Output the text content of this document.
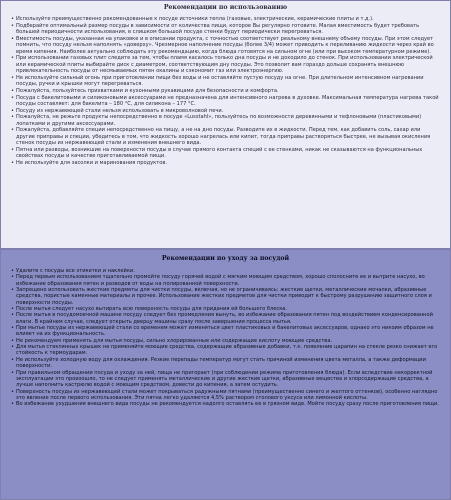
Рекомендации по использованию
• Используйте преимущественно рекомендованные к посуде источники тепла (газовые, электрические, керамические плиты и т.д.).
• Подберайте оптимальный размер посуды в зависимости от количества пищи, которое Вы регулярно готовите. Малая вместимость будет требовать большей периодичности использования, в слишком большой посуде стенки будут периодически перегреваться.
• Вместимость посуды, указанная на упаковке и в описании продукта, с точностью соответствует реальному внешнему объему посуды. При этом следует помнить, что посуду нельзя наполнять «доверху». Чрезмерное наполнение посуды (более 3/4) может приводить к переливанию жидкости через край во время кипения. Наиболее актуально соблюдать эту рекомендацию, когда блюда готовятся на сильном огне (или при высоком температурном режиме).
• При использовании газовых плит следите за тем, чтобы пламя касалось только дна посуды и не доходило до стенок. При использовании электрической или керамической плиты выбирайте диск с диаметром, соответствующим дну посуды. Это позволит вам гораздо дольше сохранять внешнюю привлекательность посуды от несмываемых пятен окалины и сэкономит газ или электроэнергию.
• Не используйте сильный огонь при приготовлении пищи без воды и не оставляйте пустую посуду на огне. При длительном интенсивном нагревании посуды, ручки и крышки могут перегреваться.
• Пожалуйста, пользуйтесь прихватками и кухонными рукавицами для безопасности и комфорта.
• Посуда с бакелитовыми и силиконовыми аксессуарами не предназначена для интенсивного нагрева в духовке. Максимальная температура нагрева такой посуды составляет: для бакелита – 180 °С, для силикона – 177 °С.
• Посуду из нержавеющей стали нельзя использовать в микроволновой печи.
• Пожалуйста, не режьте продукты непосредственно в посуде «Lusstahl», пользуйтесь по возможности деревянными и тефлоновыми (пластиковыми) лопатками и другими аксессуарами.
• Пожалуйста, добавляйте специи непосредственно на пищу, а не на дно посуды. Разводите их в жидкости. Перед тем, как добавить соль, сахар или другие приправы и специи, убедитесь в том, что жидкость хорошо нагрелась или кипит, тогда приправы растворяться быстрее, не вызывая окисления стенок посуды из нержавеющей стали и изменения внешнего вида.
• Пятна или разводы, возникшие на поверхности посуды в случае прямого контакта специй с ее стенками, никак не сказываются на функциональных свойствах посуды и качестве приготавливаемой пищи.
• Не используйте для засолки и маринования продуктов.
Рекомендации по уходу за посудой
• Удалите с посуды все этикетки и наклейки.
• Перед первым использованием тщательно промойте посуду горячей водой с мягким моющим средством, хорошо сполосните ее и вытрите насухо, во избежание образования пятен и разводов от воды на полированной поверхности.
• Запрещено использовать жесткие предметы для чистки посуды, включая, но не ограничиваясь: жесткие щетки, металлические мочалки, абразивные средства, пористые каменные материалы и прочее. Использование жестких предметов для чистки приводит к быстрому разрушению защитного слоя и поверхности посуды.
• После мытья следует насухо вытирать всю поверхность посуды для придания ей большего блеска.
• После мытья в посудомоечной машине посуду следует без промедления вынуть, во избежание образования пятен под воздействием конденсированной влаги. В крайнем случае, следует открыть дверцу машины сразу после завершения процесса мытья.
• При мытье посуды из нержавеющей стали со временем может изменяться цвет пластиковых и бакелитовых аксессуаров, однако это никоим образом не влияет на их функциональность.
• Не рекомендуем применять для мытья посуды, сильно хлорированные или содержащие кислоту моющие средства.
• Для мытья стеклянных крышек не применяйте моющие средства, содержащие абразивные добавки, т.к. появление царапин на стекле резко снижает его стойкость к термоударам.
• Не используйте холодную воду для охлаждения. Резкие перепады температур могут стать причиной изменения цвета металла, а также деформации поверхности.
• При правильном обращении посуда и уходу за ней, пища не пригорает (при соблюдении режима приготовления блюда). Если вследствие некорректной эксплуатации это произошло, то не следует применять металлические и другие жесткие щетки, абразивные вещества и хлорсодержащие средства, а лучше наполнить кастрюлю водой с моющим средством, довести до кипения, а затем остудить.
• Поверхность посуды из нержавеющей стали может покрываться радужными пятнами (преимущественно синего и желтого оттенков), особенно наглядно это явление после первого использования. Эти пятна легко удаляются 4,5% раствором столового уксуса или лимонной кислоты.
• Во избежание ухудшения внешнего вида посуды не рекомендуется надолго оставлять ее в грязном виде. Мойте посуду сразу после приготовления пищи.
